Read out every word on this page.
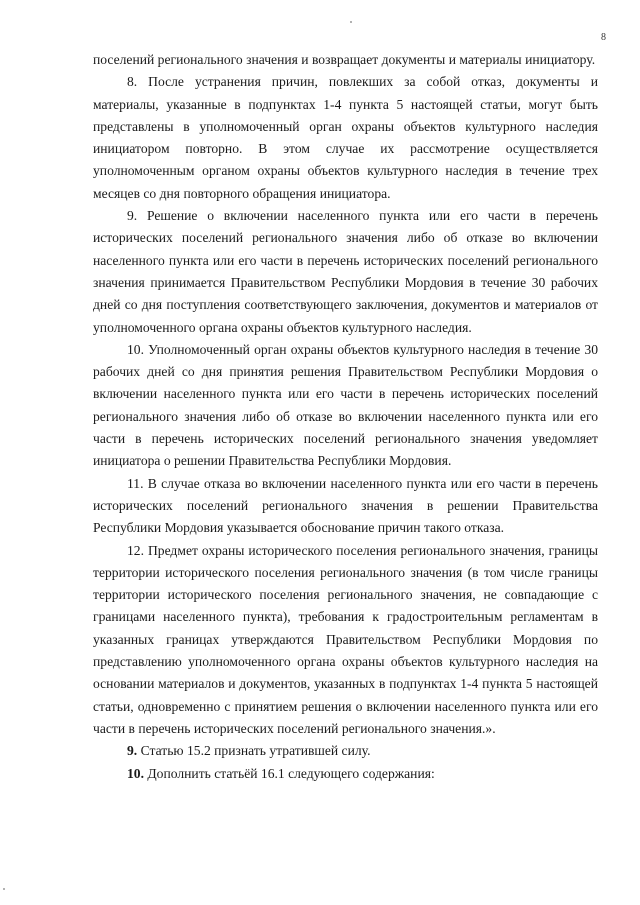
8

поселений регионального значения и возвращает документы и материалы инициатору.

8. После устранения причин, повлекших за собой отказ, документы и материалы, указанные в подпунктах 1-4 пункта 5 настоящей статьи, могут быть представлены в уполномоченный орган охраны объектов культурного наследия инициатором повторно. В этом случае их рассмотрение осуществляется уполномоченным органом охраны объектов культурного наследия в течение трех месяцев со дня повторного обращения инициатора.

9. Решение о включении населенного пункта или его части в перечень исторических поселений регионального значения либо об отказе во включении населенного пункта или его части в перечень исторических поселений регионального значения принимается Правительством Республики Мордовия в течение 30 рабочих дней со дня поступления соответствующего заключения, документов и материалов от уполномоченного органа охраны объектов культурного наследия.

10. Уполномоченный орган охраны объектов культурного наследия в течение 30 рабочих дней со дня принятия решения Правительством Республики Мордовия о включении населенного пункта или его части в перечень исторических поселений регионального значения либо об отказе во включении населенного пункта или его части в перечень исторических поселений регионального значения уведомляет инициатора о решении Правительства Республики Мордовия.

11. В случае отказа во включении населенного пункта или его части в перечень исторических поселений регионального значения в решении Правительства Республики Мордовия указывается обоснование причин такого отказа.

12. Предмет охраны исторического поселения регионального значения, границы территории исторического поселения регионального значения (в том числе границы территории исторического поселения регионального значения, не совпадающие с границами населенного пункта), требования к градостроительным регламентам в указанных границах утверждаются Правительством Республики Мордовия по представлению уполномоченного органа охраны объектов культурного наследия на основании материалов и документов, указанных в подпунктах 1-4 пункта 5 настоящей статьи, одновременно с принятием решения о включении населенного пункта или его части в перечень исторических поселений регионального значения.».

9. Статью 15.2 признать утратившей силу.

10. Дополнить статьёй 16.1 следующего содержания:
